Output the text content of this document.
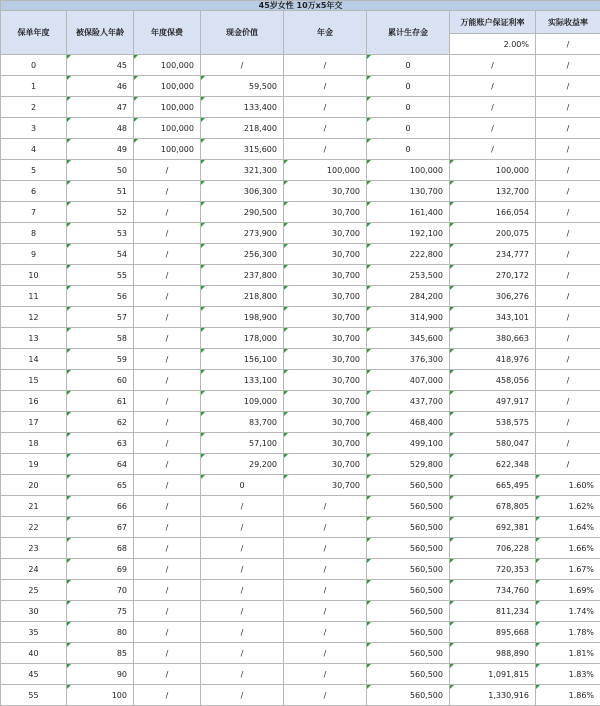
45岁女性 10万x5年交							
保单年度	被保险人年龄	年度保费	现金价值	年金	累计生存金	万能账户保证利率	实际收益率
						2.00%	/
0	45	100,000	/	/	0	/	/
1	46	100,000	59,500	/	0	/	/
2	47	100,000	133,400	/	0	/	/
3	48	100,000	218,400	/	0	/	/
4	49	100,000	315,600	/	0	/	/
5	50	/	321,300	100,000	100,000	100,000	/
6	51	/	306,300	30,700	130,700	132,700	/
7	52	/	290,500	30,700	161,400	166,054	/
8	53	/	273,900	30,700	192,100	200,075	/
9	54	/	256,300	30,700	222,800	234,777	/
10	55	/	237,800	30,700	253,500	270,172	/
11	56	/	218,800	30,700	284,200	306,276	/
12	57	/	198,900	30,700	314,900	343,101	/
13	58	/	178,000	30,700	345,600	380,663	/
14	59	/	156,100	30,700	376,300	418,976	/
15	60	/	133,100	30,700	407,000	458,056	/
16	61	/	109,000	30,700	437,700	497,917	/
17	62	/	83,700	30,700	468,400	538,575	/
18	63	/	57,100	30,700	499,100	580,047	/
19	64	/	29,200	30,700	529,800	622,348	/
20	65	/	0	30,700	560,500	665,495	1.60%
21	66	/	/	/	560,500	678,805	1.62%
22	67	/	/	/	560,500	692,381	1.64%
23	68	/	/	/	560,500	706,228	1.66%
24	69	/	/	/	560,500	720,353	1.67%
25	70	/	/	/	560,500	734,760	1.69%
30	75	/	/	/	560,500	811,234	1.74%
35	80	/	/	/	560,500	895,668	1.78%
40	85	/	/	/	560,500	988,890	1.81%
45	90	/	/	/	560,500	1,091,815	1.83%
55	100	/	/	/	560,500	1,330,916	1.86%
